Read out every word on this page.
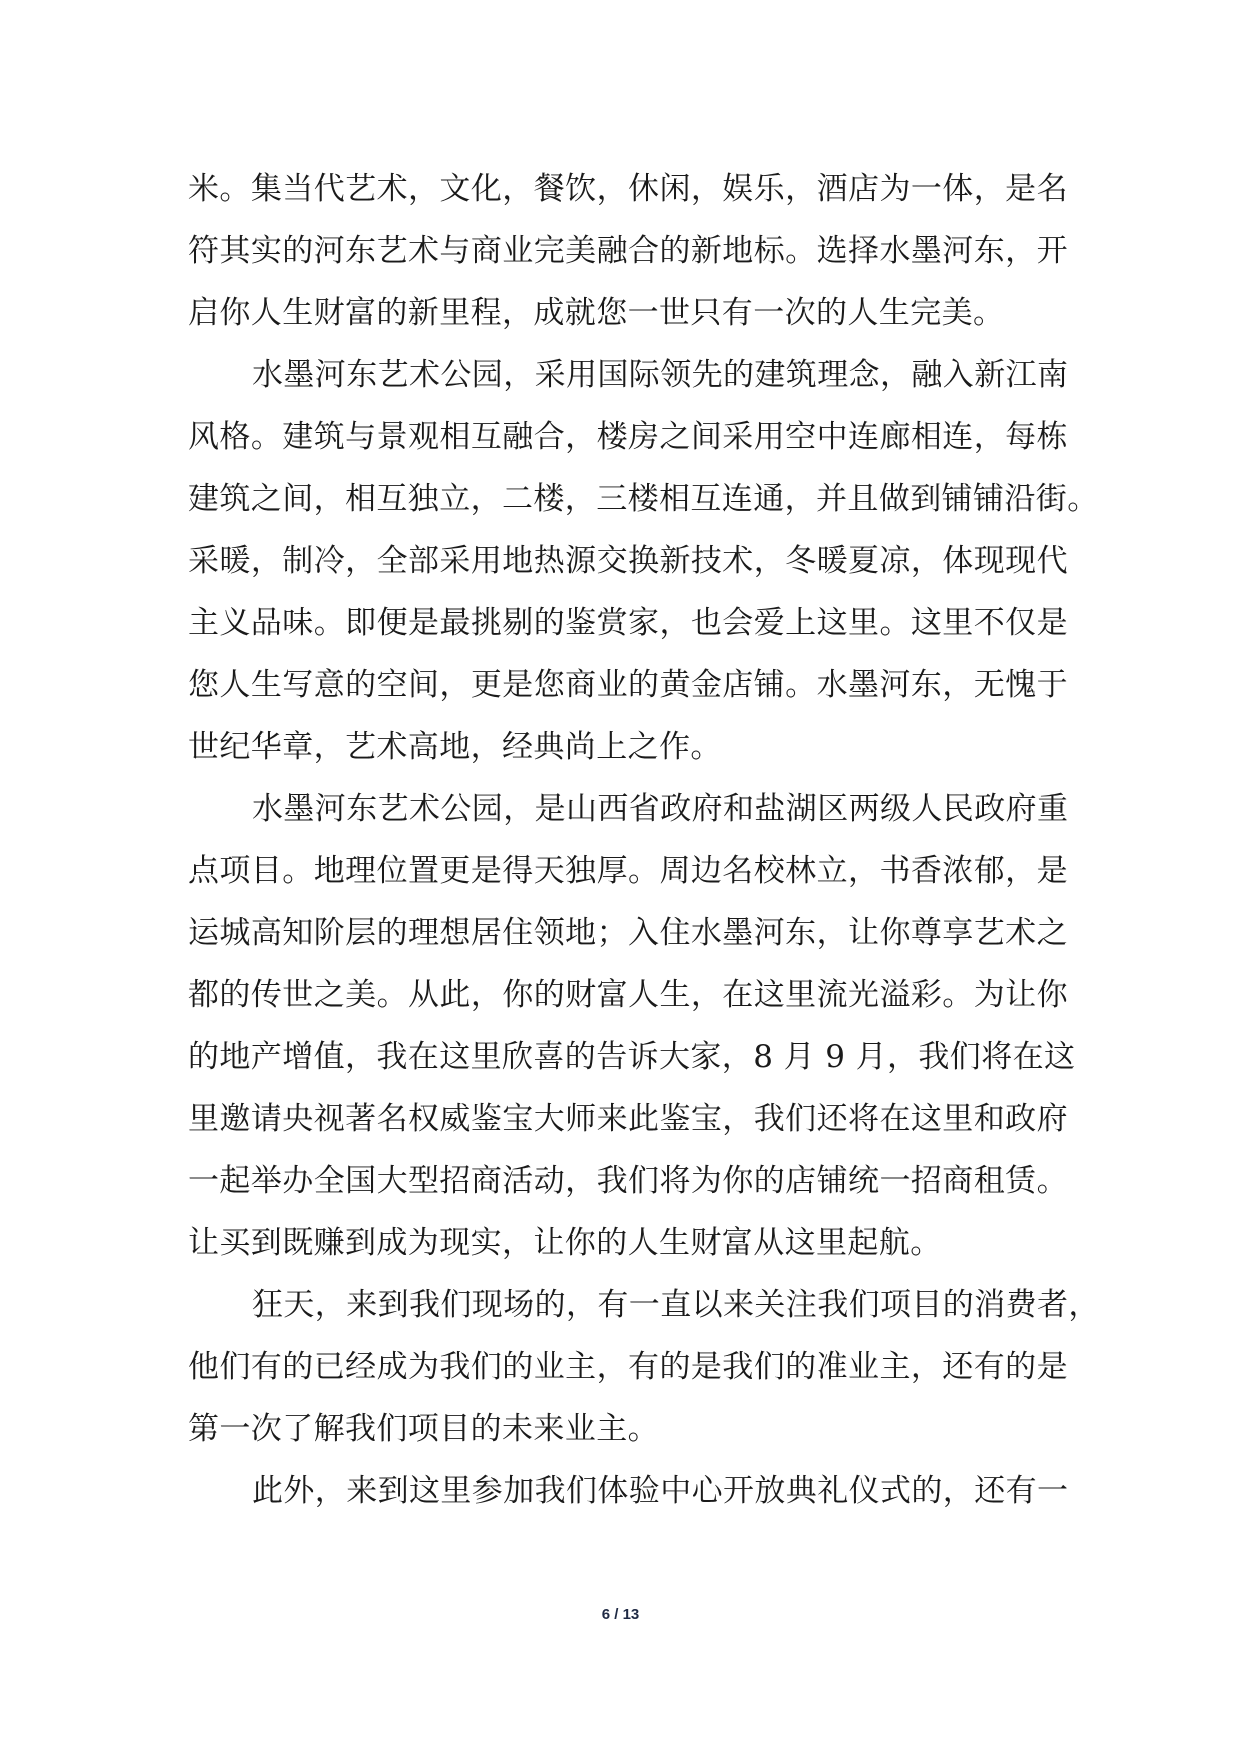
米。集当代艺术，文化，餐饮，休闲，娱乐，酒店为一体，是名
符其实的河东艺术与商业完美融合的新地标。选择水墨河东，开
启你人生财富的新里程，成就您一世只有一次的人生完美。
水墨河东艺术公园，采用国际领先的建筑理念，融入新江南
风格。建筑与景观相互融合，楼房之间采用空中连廊相连，每栋
建筑之间，相互独立，二楼，三楼相互连通，并且做到铺铺沿街。
采暖，制冷，全部采用地热源交换新技术，冬暖夏凉，体现现代
主义品味。即便是最挑剔的鉴赏家，也会爱上这里。这里不仅是
您人生写意的空间，更是您商业的黄金店铺。水墨河东，无愧于
世纪华章，艺术高地，经典尚上之作。
水墨河东艺术公园，是山西省政府和盐湖区两级人民政府重
点项目。地理位置更是得天独厚。周边名校林立，书香浓郁，是
运城高知阶层的理想居住领地；入住水墨河东，让你尊享艺术之
都的传世之美。从此，你的财富人生，在这里流光溢彩。为让你
的地产增值，我在这里欣喜的告诉大家，8 月 9 月，我们将在这
里邀请央视著名权威鉴宝大师来此鉴宝，我们还将在这里和政府
一起举办全国大型招商活动，我们将为你的店铺统一招商租赁。
让买到既赚到成为现实，让你的人生财富从这里起航。
狂天，来到我们现场的，有一直以来关注我们项目的消费者，
他们有的已经成为我们的业主，有的是我们的准业主，还有的是
第一次了解我们项目的未来业主。
此外，来到这里参加我们体验中心开放典礼仪式的，还有一
6 / 13
